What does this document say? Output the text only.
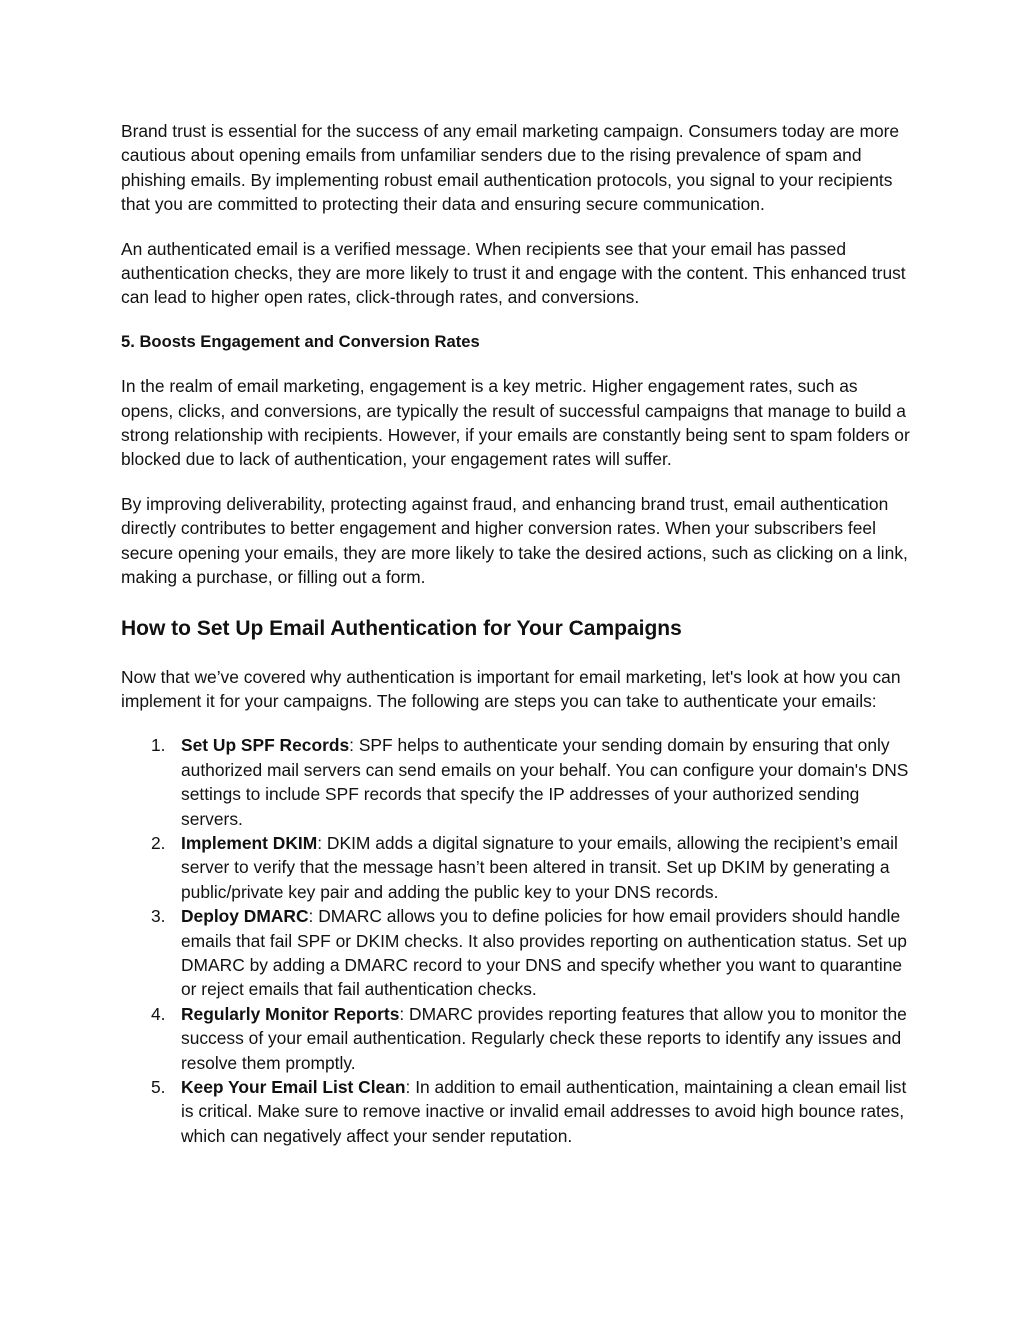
Brand trust is essential for the success of any email marketing campaign. Consumers today are more cautious about opening emails from unfamiliar senders due to the rising prevalence of spam and phishing emails. By implementing robust email authentication protocols, you signal to your recipients that you are committed to protecting their data and ensuring secure communication.

An authenticated email is a verified message. When recipients see that your email has passed authentication checks, they are more likely to trust it and engage with the content. This enhanced trust can lead to higher open rates, click-through rates, and conversions.

5. Boosts Engagement and Conversion Rates

In the realm of email marketing, engagement is a key metric. Higher engagement rates, such as opens, clicks, and conversions, are typically the result of successful campaigns that manage to build a strong relationship with recipients. However, if your emails are constantly being sent to spam folders or blocked due to lack of authentication, your engagement rates will suffer.

By improving deliverability, protecting against fraud, and enhancing brand trust, email authentication directly contributes to better engagement and higher conversion rates. When your subscribers feel secure opening your emails, they are more likely to take the desired actions, such as clicking on a link, making a purchase, or filling out a form.

How to Set Up Email Authentication for Your Campaigns

Now that we’ve covered why authentication is important for email marketing, let's look at how you can implement it for your campaigns. The following are steps you can take to authenticate your emails:

1. Set Up SPF Records: SPF helps to authenticate your sending domain by ensuring that only authorized mail servers can send emails on your behalf. You can configure your domain's DNS settings to include SPF records that specify the IP addresses of your authorized sending servers.
2. Implement DKIM: DKIM adds a digital signature to your emails, allowing the recipient’s email server to verify that the message hasn’t been altered in transit. Set up DKIM by generating a public/private key pair and adding the public key to your DNS records.
3. Deploy DMARC: DMARC allows you to define policies for how email providers should handle emails that fail SPF or DKIM checks. It also provides reporting on authentication status. Set up DMARC by adding a DMARC record to your DNS and specify whether you want to quarantine or reject emails that fail authentication checks.
4. Regularly Monitor Reports: DMARC provides reporting features that allow you to monitor the success of your email authentication. Regularly check these reports to identify any issues and resolve them promptly.
5. Keep Your Email List Clean: In addition to email authentication, maintaining a clean email list is critical. Make sure to remove inactive or invalid email addresses to avoid high bounce rates, which can negatively affect your sender reputation.
